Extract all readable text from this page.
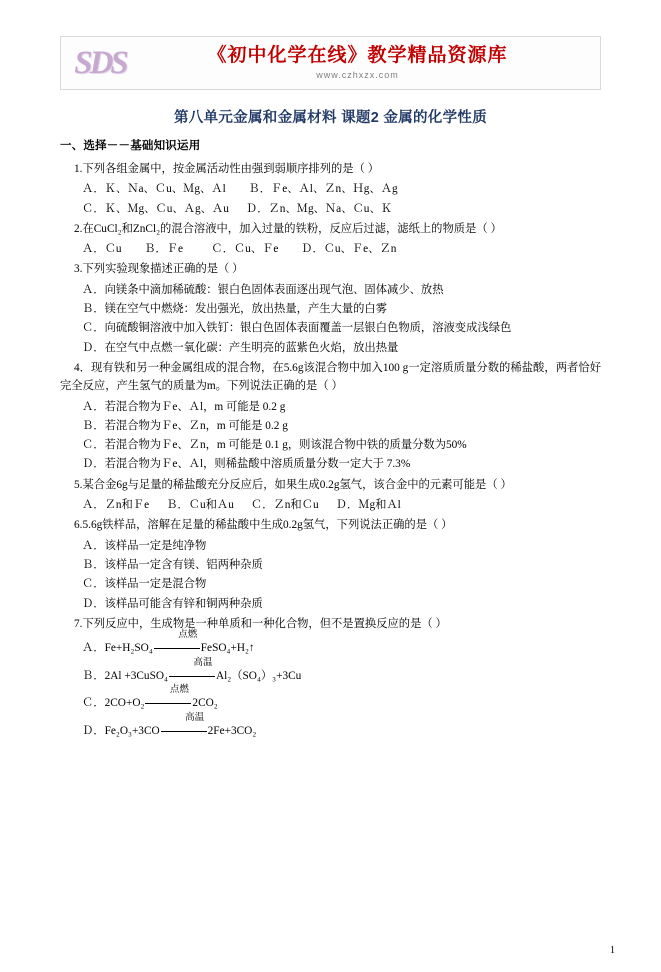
SDS	《初中化学在线》教学精品资源库
www.czhxzx.com
第八单元金属和金属材料 课题2 金属的化学性质
一、选择－－基础知识运用
1.下列各组金属中，按金属活动性由强到弱顺序排列的是（ ）
Ａ．Ｋ、Ｎa、Ｃu、Ｍg、Ａl        Ｂ．Ｆe、Ａl、Ｚn、Ｈg、Ａg
Ｃ．Ｋ、Ｍg、Ｃu、Ａg、Ａu      Ｄ．Ｚn、Ｍg、Ｎa、Ｃu、Ｋ
2.在CuCl₂和ZnCl₂的混合溶液中，加入过量的铁粉，反应后过滤，滤纸上的物质是（ ）
Ａ．Ｃu        Ｂ．Ｆe          Ｃ．Ｃu、Ｆe        Ｄ．Ｃu、Ｆe、Ｚn
3.下列实验现象描述正确的是（ ）
Ａ．向镁条中滴加稀硫酸：银白色固体表面逐出现气泡、固体减少、放热
Ｂ．镁在空气中燃烧：发出强光，放出热量，产生大量的白雾
Ｃ．向硫酸铜溶液中加入铁钉：银白色固体表面覆盖一层银白色物质，溶液变成浅绿色
Ｄ．在空气中点燃一氧化碳：产生明亮的蓝紫色火焰，放出热量
4．现有铁和另一种金属组成的混合物，在5.6g该混合物中加入100 g一定溶质质量分数的稀盐酸，两者恰好完全反应，产生氢气的质量为m。下列说法正确的是（ ）
Ａ．若混合物为Ｆe、Ａl，m 可能是 0.2 g
Ｂ．若混合物为Ｆe、Ｚn，m 可能是 0.2 g
Ｃ．若混合物为Ｆe、Ｚn，m 可能是 0.1 g，则该混合物中铁的质量分数为50%
Ｄ．若混合物为Ｆe、Ａl，则稀盐酸中溶质质量分数一定大于 7.3%
5.某合金6g与足量的稀盐酸充分反应后，如果生成0.2g氢气，该合金中的元素可能是（ ）
Ａ．Ｚn和Ｆe      Ｂ．Ｃu和Ａu      Ｃ．Ｚn和Ｃu      Ｄ．Ｍg和Ａl
6.5.6g铁样品，溶解在足量的稀盐酸中生成0.2g氢气，下列说法正确的是（ ）
Ａ．该样品一定是纯净物
Ｂ．该样品一定含有镁、铝两种杂质
Ｃ．该样品一定是混合物
Ｄ．该样品可能含有锌和铜两种杂质
7.下列反应中，生成物是一种单质和一种化合物，但不是置换反应的是（ ）
Ａ．Fe+H₂SO₄
点燃
FeSO₄+H₂↑
Ｂ．2Al +3CuSO₄
高温
Al₂（SO₄）₃+3Cu
Ｃ．2CO+O₂
点燃
2CO₂
Ｄ．Fe₂O₃+3CO
高温
2Fe+3CO₂
1
